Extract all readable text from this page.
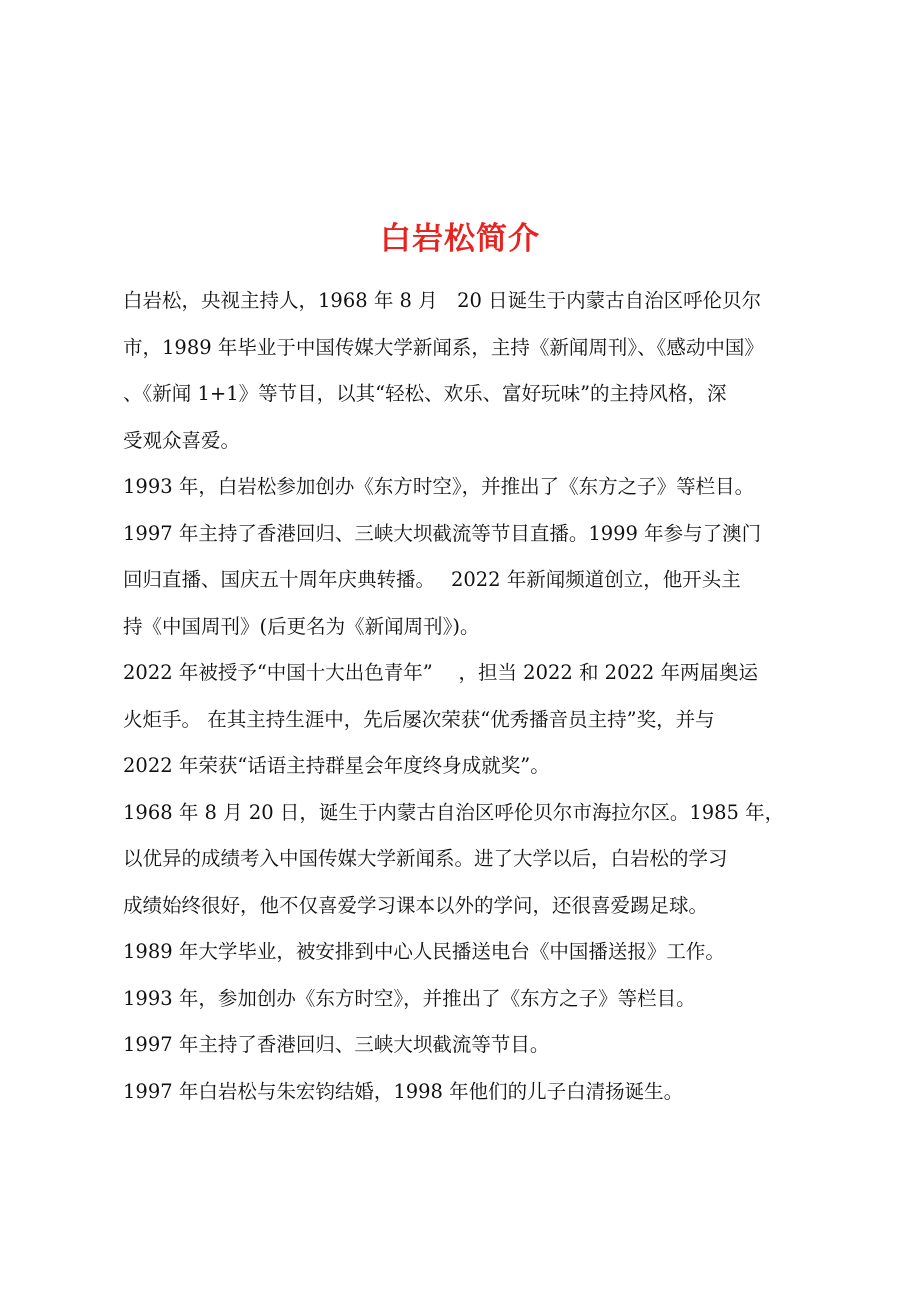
白岩松简介
白岩松，央视主持人，1968 年 8 月　20 日诞生于内蒙古自治区呼伦贝尔
市，1989 年毕业于中国传媒大学新闻系，主持《新闻周刊》、《感动中国》
、《新闻 1+1》等节目，以其“轻松、欢乐、富好玩味”的主持风格，深
受观众喜爱。
1993 年，白岩松参加创办《东方时空》，并推出了《东方之子》等栏目。
1997 年主持了香港回归、三峡大坝截流等节目直播。1999 年参与了澳门
回归直播、国庆五十周年庆典转播。　 2022 年新闻频道创立，他开头主
持《中国周刊》(后更名为《新闻周刊》)。
2022 年被授予“中国十大出色青年”　 ，担当 2022 和 2022 年两届奥运
火炬手。 在其主持生涯中，先后屡次荣获“优秀播音员主持”奖，并与
2022 年荣获“话语主持群星会年度终身成就奖”。
1968 年 8 月 20 日，诞生于内蒙古自治区呼伦贝尔市海拉尔区。1985 年，
以优异的成绩考入中国传媒大学新闻系。进了大学以后，白岩松的学习
成绩始终很好，他不仅喜爱学习课本以外的学问，还很喜爱踢足球。
1989 年大学毕业，被安排到中心人民播送电台《中国播送报》工作。
1993 年，参加创办《东方时空》，并推出了《东方之子》等栏目。
1997 年主持了香港回归、三峡大坝截流等节目。
1997 年白岩松与朱宏钧结婚，1998 年他们的儿子白清扬诞生。
